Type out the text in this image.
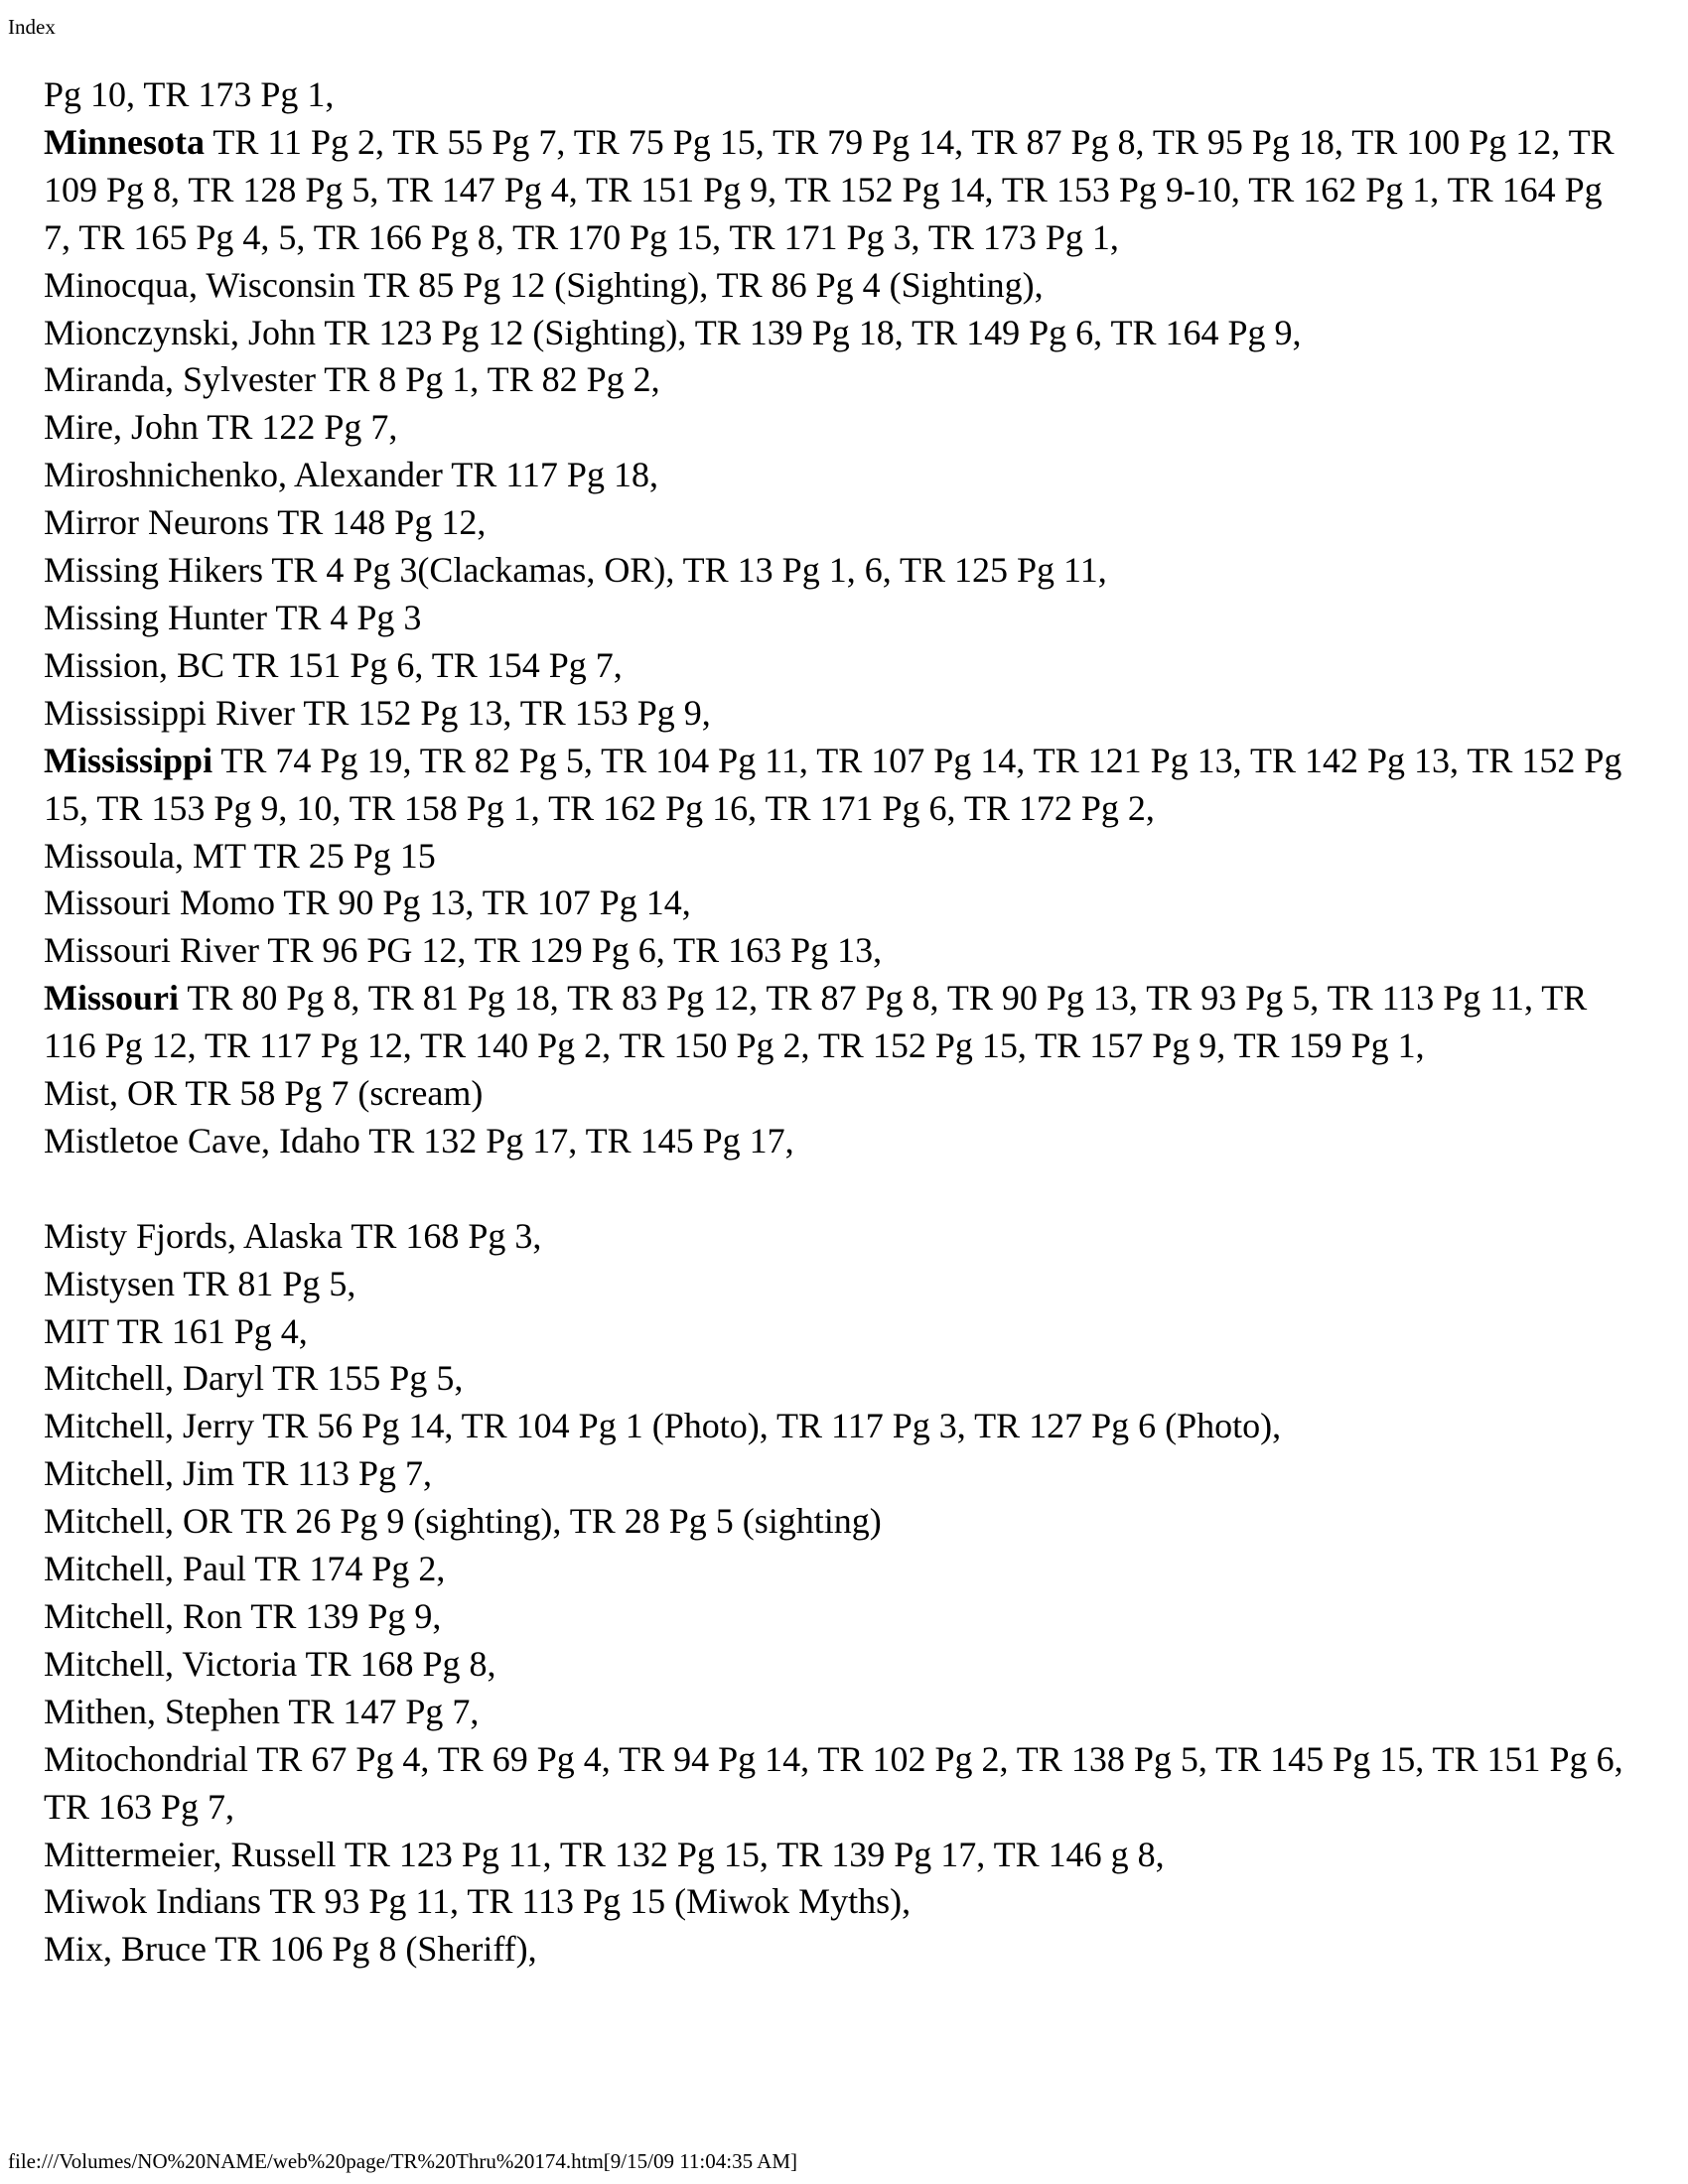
Index
Pg 10, TR 173 Pg 1,
Minnesota TR 11 Pg 2, TR 55 Pg 7, TR 75 Pg 15, TR 79 Pg 14, TR 87 Pg 8, TR 95 Pg 18, TR 100 Pg 12, TR 109 Pg 8, TR 128 Pg 5, TR 147 Pg 4, TR 151 Pg 9, TR 152 Pg 14, TR 153 Pg 9-10, TR 162 Pg 1, TR 164 Pg 7, TR 165 Pg 4, 5, TR 166 Pg 8, TR 170 Pg 15, TR 171 Pg 3, TR 173 Pg 1,
Minocqua, Wisconsin TR 85 Pg 12 (Sighting), TR 86 Pg 4 (Sighting),
Mionczynski, John TR 123 Pg 12 (Sighting), TR 139 Pg 18, TR 149 Pg 6, TR 164 Pg 9,
Miranda, Sylvester TR 8 Pg 1, TR 82 Pg 2,
Mire, John TR 122 Pg 7,
Miroshnichenko, Alexander TR 117 Pg 18,
Mirror Neurons TR 148 Pg 12,
Missing Hikers TR 4 Pg 3(Clackamas, OR), TR 13 Pg 1, 6, TR 125 Pg 11,
Missing Hunter TR 4 Pg 3
Mission, BC TR 151 Pg 6, TR 154 Pg 7,
Mississippi River TR 152 Pg 13, TR 153 Pg 9,
Mississippi TR 74 Pg 19, TR 82 Pg 5, TR 104 Pg 11, TR 107 Pg 14, TR 121 Pg 13, TR 142 Pg 13, TR 152 Pg 15, TR 153 Pg 9, 10, TR 158 Pg 1, TR 162 Pg 16, TR 171 Pg 6, TR 172 Pg 2,
Missoula, MT TR 25 Pg 15
Missouri Momo TR 90 Pg 13, TR 107 Pg 14,
Missouri River TR 96 PG 12, TR 129 Pg 6, TR 163 Pg 13,
Missouri TR 80 Pg 8, TR 81 Pg 18, TR 83 Pg 12, TR 87 Pg 8, TR 90 Pg 13, TR 93 Pg 5, TR 113 Pg 11, TR 116 Pg 12, TR 117 Pg 12, TR 140 Pg 2, TR 150 Pg 2, TR 152 Pg 15, TR 157 Pg 9, TR 159 Pg 1,
Mist, OR TR 58 Pg 7 (scream)
Mistletoe Cave, Idaho TR 132 Pg 17, TR 145 Pg 17,
Misty Fjords, Alaska TR 168 Pg 3,
Mistysen TR 81 Pg 5,
MIT TR 161 Pg 4,
Mitchell, Daryl TR 155 Pg 5,
Mitchell, Jerry TR 56 Pg 14, TR 104 Pg 1 (Photo), TR 117 Pg 3, TR 127 Pg 6 (Photo),
Mitchell, Jim TR 113 Pg 7,
Mitchell, OR TR 26 Pg 9 (sighting), TR 28 Pg 5 (sighting)
Mitchell, Paul TR 174 Pg 2,
Mitchell, Ron TR 139 Pg 9,
Mitchell, Victoria TR 168 Pg 8,
Mithen, Stephen TR 147 Pg 7,
Mitochondrial TR 67 Pg 4, TR 69 Pg 4, TR 94 Pg 14, TR 102 Pg 2, TR 138 Pg 5, TR 145 Pg 15, TR 151 Pg 6, TR 163 Pg 7,
Mittermeier, Russell TR 123 Pg 11, TR 132 Pg 15, TR 139 Pg 17, TR 146 g 8,
Miwok Indians TR 93 Pg 11, TR 113 Pg 15 (Miwok Myths),
Mix, Bruce TR 106 Pg 8 (Sheriff),
file:///Volumes/NO%20NAME/web%20page/TR%20Thru%20174.htm[9/15/09 11:04:35 AM]
